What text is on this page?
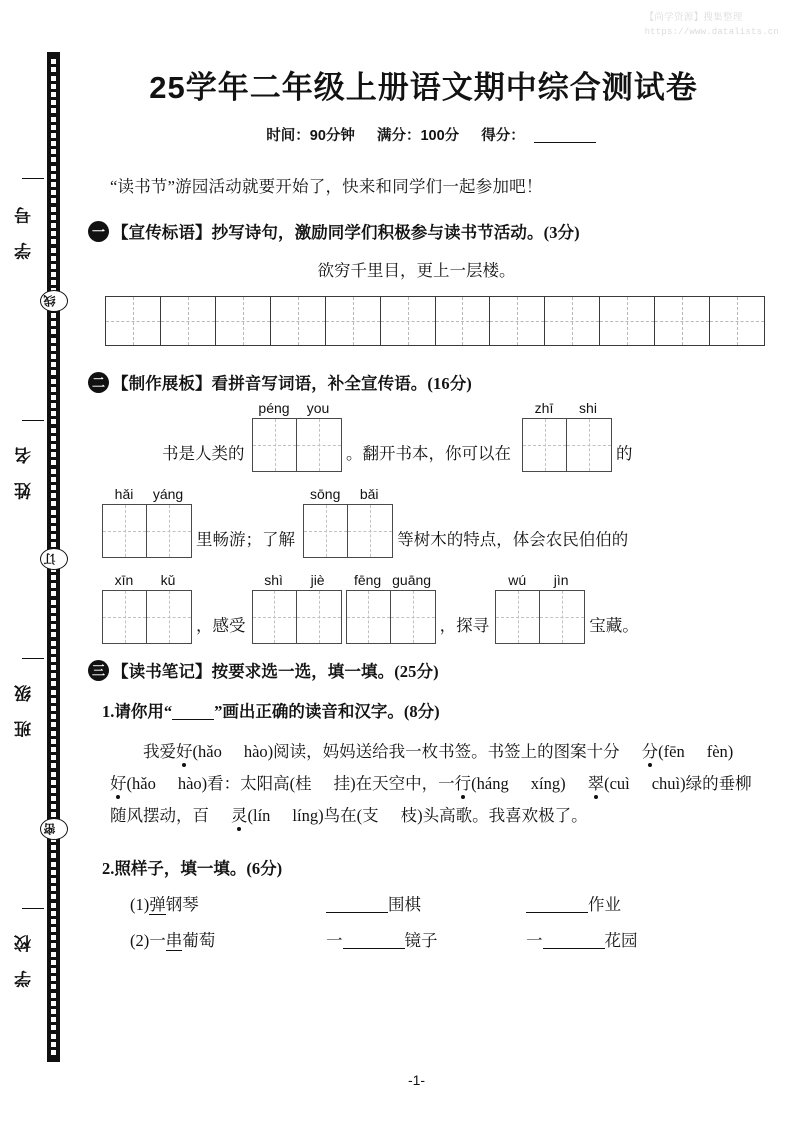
【尚学资源】搜集整理
https://www.datalists.cn
学 号
线
姓 名
订
班 级
密
学 校
25学年二年级上册语文期中综合测试卷
时间：90分钟 满分：100分 得分：
“读书节”游园活动就要开始了，快来和同学们一起参加吧！
一 【宣传标语】抄写诗句，激励同学们积极参与读书节活动。(3分)
欲穷千里目，更上一层楼。
二 【制作展板】看拼音写词语，补全宣传语。(16分)
书是人类的
péng	you
。翻开书本，你可以在
zhī	shi
的
hǎi	yáng
里畅游；了解
sōng	bǎi
等树木的特点，体会农民伯伯的
xīn	kǔ
，感受
shì	jiè	fēng guāng
，探寻
wú	jìn
宝藏。
三 【读书笔记】按要求选一选，填一填。(25分)
1.请你用“	”画出正确的读音和汉字。(8分)
我爱好(hǎo hào)阅读，妈妈送给我一枚书签。书签上的图案十分 分(fēn fèn)好(hǎo hào)看：太阳高(桂 挂)在天空中，一行(háng xíng) 翠(cuì chuì)绿的垂柳随风摆动，百 灵(lín líng)鸟在(支 枝)头高歌。我喜欢极了。
2.照样子，填一填。(6分)
(1)弹钢琴	围棋	作业
(2)一串葡萄	一	镜子	一	花园
-1-
